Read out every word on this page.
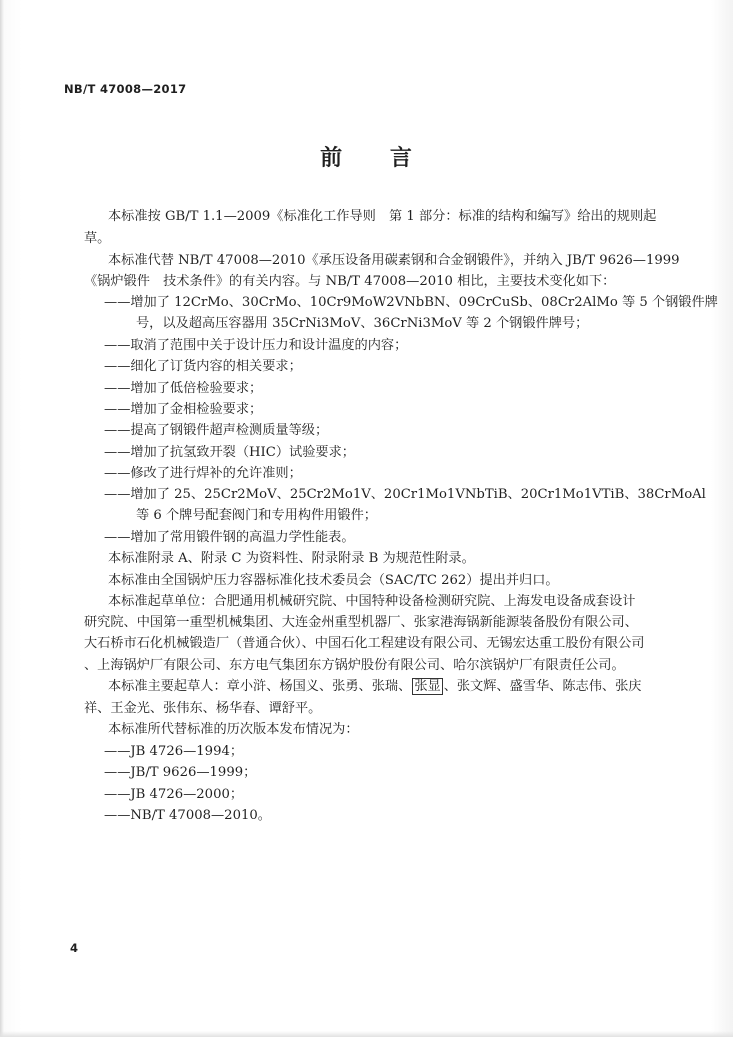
NB/T 47008—2017
前 言
本标准按 GB/T 1.1—2009《标准化工作导则　第 1 部分：标准的结构和编写》给出的规则起
草。
本标准代替 NB/T 47008—2010《承压设备用碳素钢和合金钢锻件》，并纳入 JB/T 9626—1999
《锅炉锻件　技术条件》的有关内容。与 NB/T 47008—2010 相比，主要技术变化如下：
——增加了 12CrMo、30CrMo、10Cr9MoW2VNbBN、09CrCuSb、08Cr2AlMo 等 5 个钢锻件牌
号，以及超高压容器用 35CrNi3MoV、36CrNi3MoV 等 2 个钢锻件牌号；
——取消了范围中关于设计压力和设计温度的内容；
——细化了订货内容的相关要求；
——增加了低倍检验要求；
——增加了金相检验要求；
——提高了钢锻件超声检测质量等级；
——增加了抗氢致开裂（HIC）试验要求；
——修改了进行焊补的允许准则；
——增加了 25、25Cr2MoV、25Cr2Mo1V、20Cr1Mo1VNbTiB、20Cr1Mo1VTiB、38CrMoAl
等 6 个牌号配套阀门和专用构件用锻件；
——增加了常用锻件钢的高温力学性能表。
本标准附录 A、附录 C 为资料性、附录附录 B 为规范性附录。
本标准由全国锅炉压力容器标准化技术委员会（SAC/TC 262）提出并归口。
本标准起草单位：合肥通用机械研究院、中国特种设备检测研究院、上海发电设备成套设计
研究院、中国第一重型机械集团、大连金州重型机器厂、张家港海锅新能源装备股份有限公司、
大石桥市石化机械锻造厂（普通合伙）、中国石化工程建设有限公司、无锡宏达重工股份有限公司
、上海锅炉厂有限公司、东方电气集团东方锅炉股份有限公司、哈尔滨锅炉厂有限责任公司。
本标准主要起草人：章小浒、杨国义、张勇、张瑞、 张显 、张文辉、盛雪华、陈志伟、张庆
祥、王金光、张伟东、杨华春、谭舒平。
本标准所代替标准的历次版本发布情况为：
——JB 4726—1994；
——JB/T 9626—1999；
——JB 4726—2000；
——NB/T 47008—2010。
4
